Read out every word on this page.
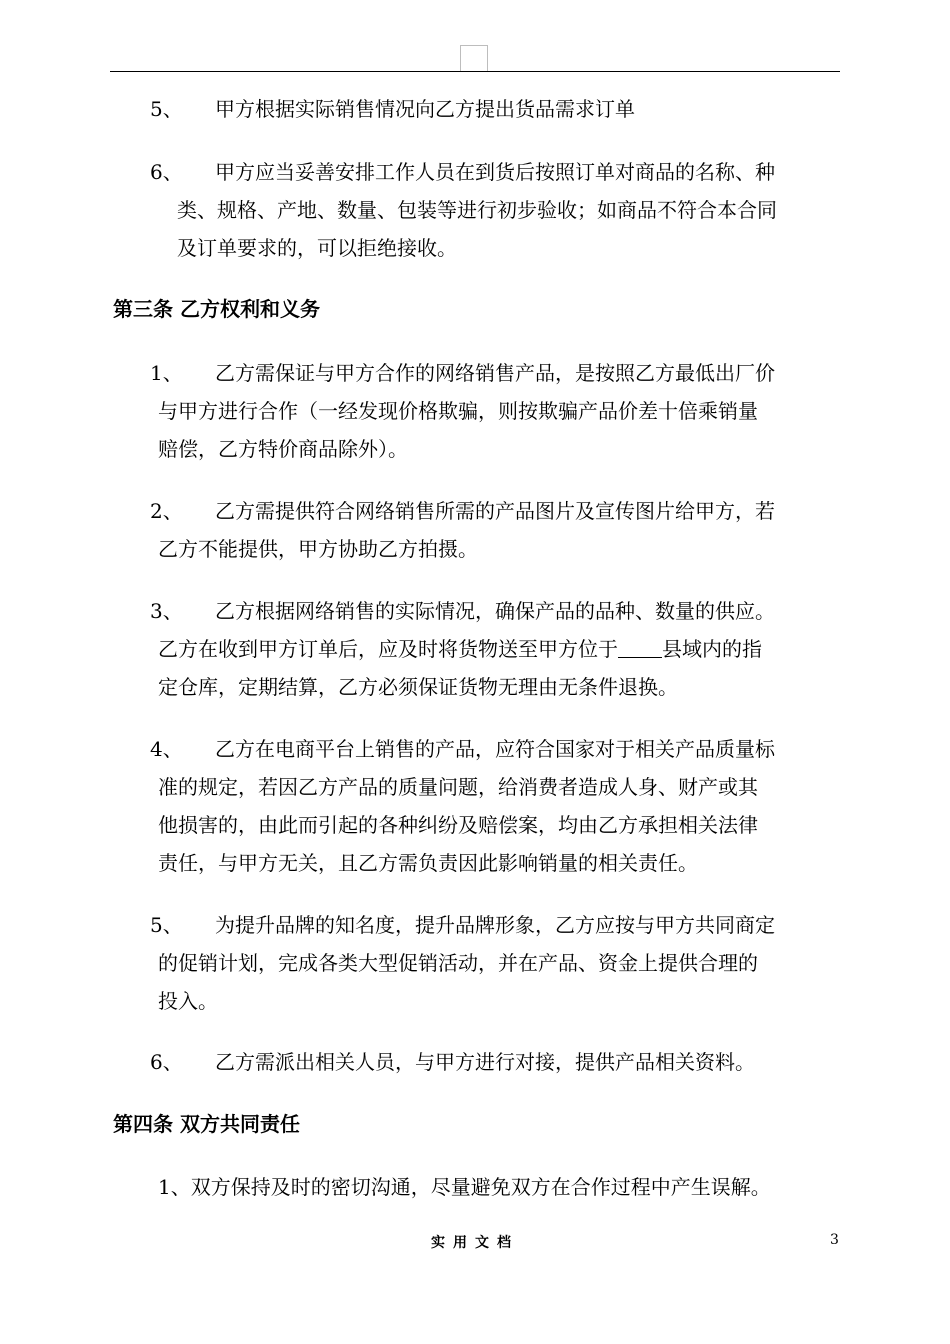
5、 甲方根据实际销售情况向乙方提出货品需求订单
6、 甲方应当妥善安排工作人员在到货后按照订单对商品的名称、种
类、规格、产地、数量、包装等进行初步验收；如商品不符合本合同
及订单要求的，可以拒绝接收。
第三条 乙方权利和义务
1、 乙方需保证与甲方合作的网络销售产品，是按照乙方最低出厂价
与甲方进行合作（一经发现价格欺骗，则按欺骗产品价差十倍乘销量
赔偿，乙方特价商品除外）。
2、 乙方需提供符合网络销售所需的产品图片及宣传图片给甲方，若
乙方不能提供，甲方协助乙方拍摄。
3、 乙方根据网络销售的实际情况，确保产品的品种、数量的供应。
乙方在收到甲方订单后，应及时将货物送至甲方位于 县域内的指
定仓库，定期结算，乙方必须保证货物无理由无条件退换。
4、 乙方在电商平台上销售的产品，应符合国家对于相关产品质量标
准的规定，若因乙方产品的质量问题，给消费者造成人身、财产或其
他损害的，由此而引起的各种纠纷及赔偿案，均由乙方承担相关法律
责任，与甲方无关，且乙方需负责因此影响销量的相关责任。
5、 为提升品牌的知名度，提升品牌形象，乙方应按与甲方共同商定
的促销计划，完成各类大型促销活动，并在产品、资金上提供合理的
投入。
6、 乙方需派出相关人员，与甲方进行对接，提供产品相关资料。
第四条 双方共同责任
1、双方保持及时的密切沟通，尽量避免双方在合作过程中产生误解。
实用文档	3
